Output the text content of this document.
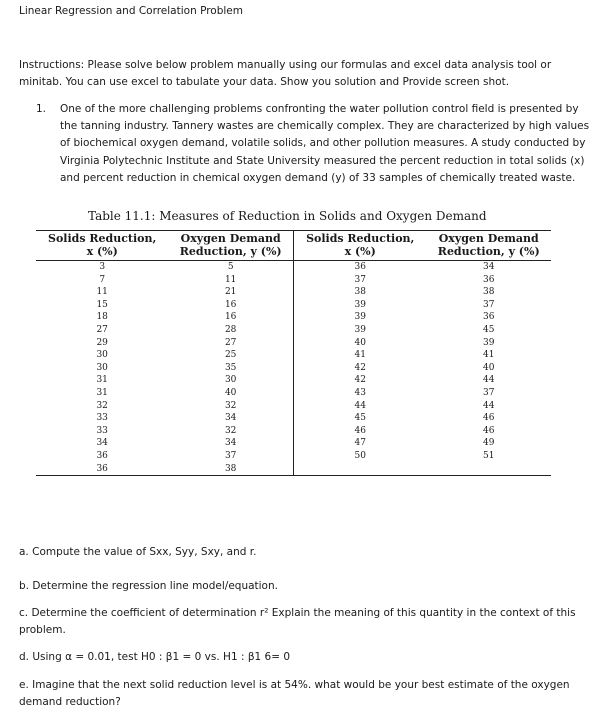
Linear Regression and Correlation Problem
Instructions: Please solve below problem manually using our formulas and excel data analysis tool or minitab. You can use excel to tabulate your data. Show you solution and Provide screen shot.
1.	One of the more challenging problems confronting the water pollution control field is presented by the tanning industry. Tannery wastes are chemically complex. They are characterized by high values of biochemical oxygen demand, volatile solids, and other pollution measures. A study conducted by Virginia Polytechnic Institute and State University measured the percent reduction in total solids (x) and percent reduction in chemical oxygen demand (y) of 33 samples of chemically treated waste.
Table 11.1: Measures of Reduction in Solids and Oxygen Demand
Solids Reduction,	Oxygen Demand	Solids Reduction,	Oxygen Demand
x (%)	Reduction, y (%)	x (%)	Reduction, y (%)
3	5	36	34
7	11	37	36
11	21	38	38
15	16	39	37
18	16	39	36
27	28	39	45
29	27	40	39
30	25	41	41
30	35	42	40
31	30	42	44
31	40	43	37
32	32	44	44
33	34	45	46
33	32	46	46
34	34	47	49
36	37	50	51
36	38		
a. Compute the value of Sxx, Syy, Sxy, and r.
b. Determine the regression line model/equation.
c. Determine the coefficient of determination r² Explain the meaning of this quantity in the context of this problem.
d. Using α = 0.01, test H0 : β1 = 0 vs. H1 : β1 6= 0
e. Imagine that the next solid reduction level is at 54%. what would be your best estimate of the oxygen demand reduction?
